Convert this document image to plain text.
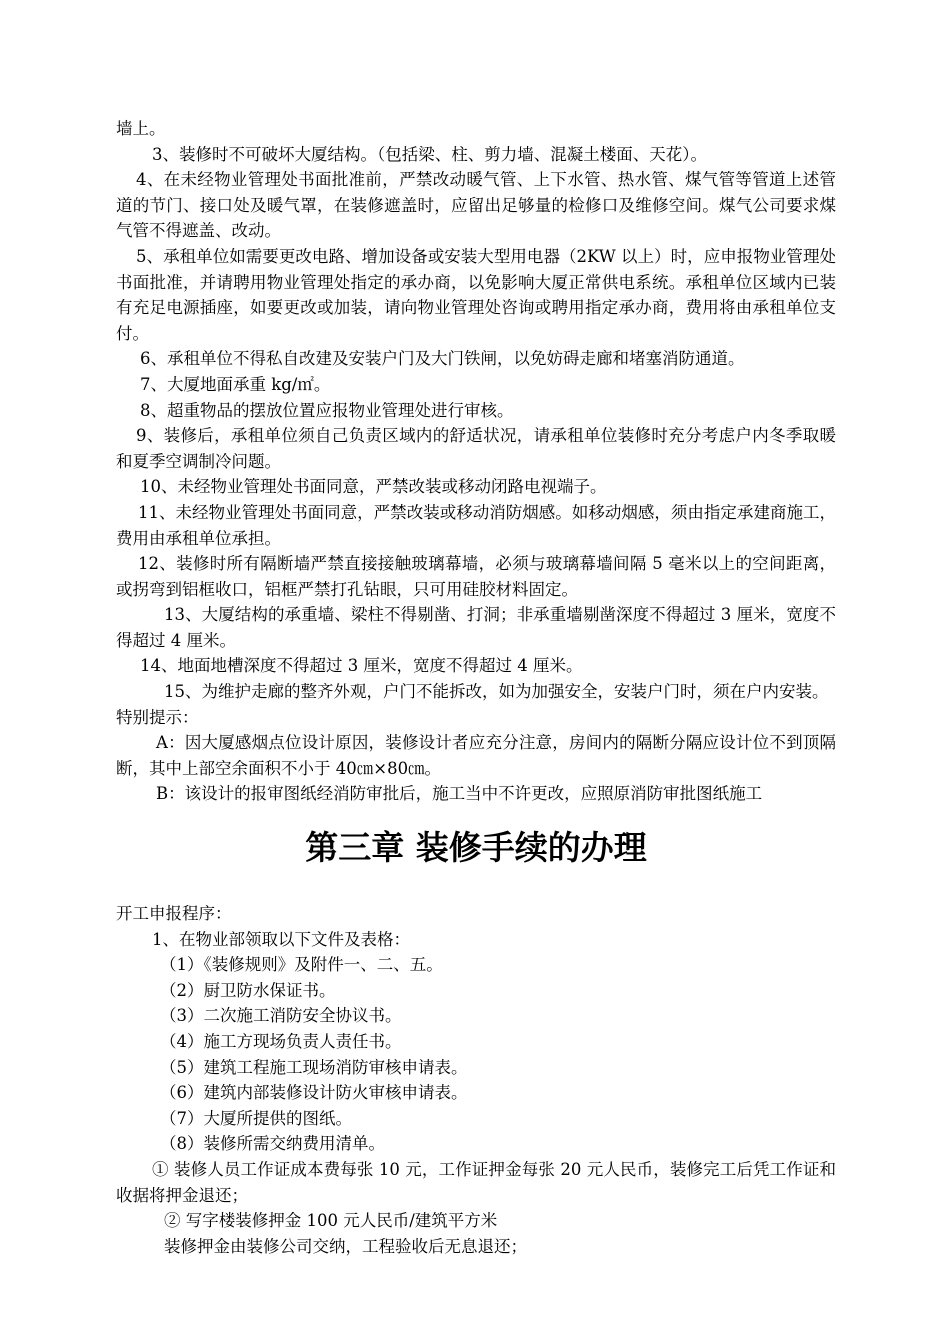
墙上。

3、装修时不可破坏大厦结构。（包括梁、柱、剪力墙、混凝土楼面、天花）。

4、在未经物业管理处书面批准前，严禁改动暖气管、上下水管、热水管、煤气管等管道上述管道的节门、接口处及暖气罩，在装修遮盖时，应留出足够量的检修口及维修空间。煤气公司要求煤气管不得遮盖、改动。

5、承租单位如需要更改电路、增加设备或安装大型用电器（2KW 以上）时，应申报物业管理处书面批准，并请聘用物业管理处指定的承办商，以免影响大厦正常供电系统。承租单位区域内已装有充足电源插座，如要更改或加装，请向物业管理处咨询或聘用指定承办商，费用将由承租单位支付。

6、承租单位不得私自改建及安装户门及大门铁闸，以免妨碍走廊和堵塞消防通道。

7、大厦地面承重 kg/㎡。

8、超重物品的摆放位置应报物业管理处进行审核。

9、装修后，承租单位须自己负责区域内的舒适状况，请承租单位装修时充分考虑户内冬季取暖和夏季空调制冷问题。

10、未经物业管理处书面同意，严禁改装或移动闭路电视端子。

11、未经物业管理处书面同意，严禁改装或移动消防烟感。如移动烟感，须由指定承建商施工，费用由承租单位承担。

12、装修时所有隔断墙严禁直接接触玻璃幕墙，必须与玻璃幕墙间隔 5 毫米以上的空间距离，或拐弯到铝框收口，铝框严禁打孔钻眼，只可用硅胶材料固定。

13、大厦结构的承重墙、梁柱不得剔凿、打洞；非承重墙剔凿深度不得超过 3 厘米，宽度不得超过 4 厘米。

14、地面地槽深度不得超过 3 厘米，宽度不得超过 4 厘米。

15、为维护走廊的整齐外观，户门不能拆改，如为加强安全，安装户门时，须在户内安装。

特别提示：

A：因大厦感烟点位设计原因，装修设计者应充分注意，房间内的隔断分隔应设计位不到顶隔断，其中上部空余面积不小于 40㎝×80㎝。

B：该设计的报审图纸经消防审批后，施工当中不许更改，应照原消防审批图纸施工

第三章 装修手续的办理

开工申报程序：

1、在物业部领取以下文件及表格：

（1）《装修规则》及附件一、二、五。

（2）厨卫防水保证书。

（3）二次施工消防安全协议书。

（4）施工方现场负责人责任书。

（5）建筑工程施工现场消防审核申请表。

（6）建筑内部装修设计防火审核申请表。

（7）大厦所提供的图纸。

（8）装修所需交纳费用清单。

① 装修人员工作证成本费每张 10 元，工作证押金每张 20 元人民币，装修完工后凭工作证和收据将押金退还；

② 写字楼装修押金 100 元人民币/建筑平方米

装修押金由装修公司交纳，工程验收后无息退还；
